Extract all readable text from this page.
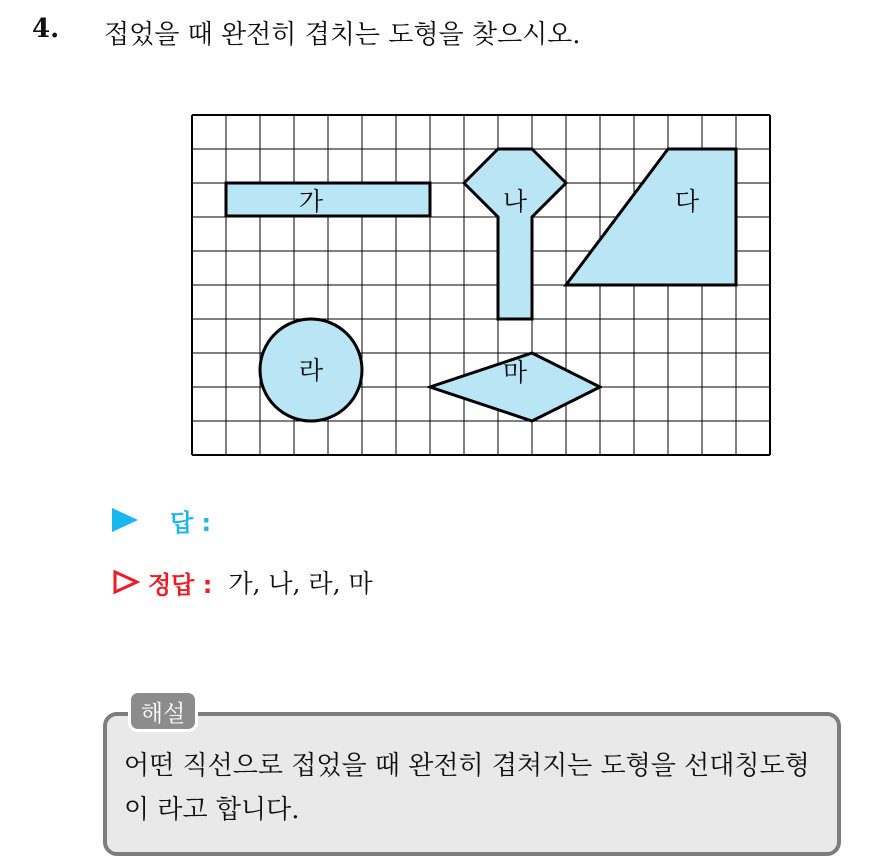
4. 접었을 때 완전히 겹치는 도형을 찾으시오.
가	나	다
라	마
답 :
정답 : 가, 나, 라, 마
해설
어떤 직선으로 접었을 때 완전히 겹쳐지는 도형을 선대칭도형이 라고 합니다.
